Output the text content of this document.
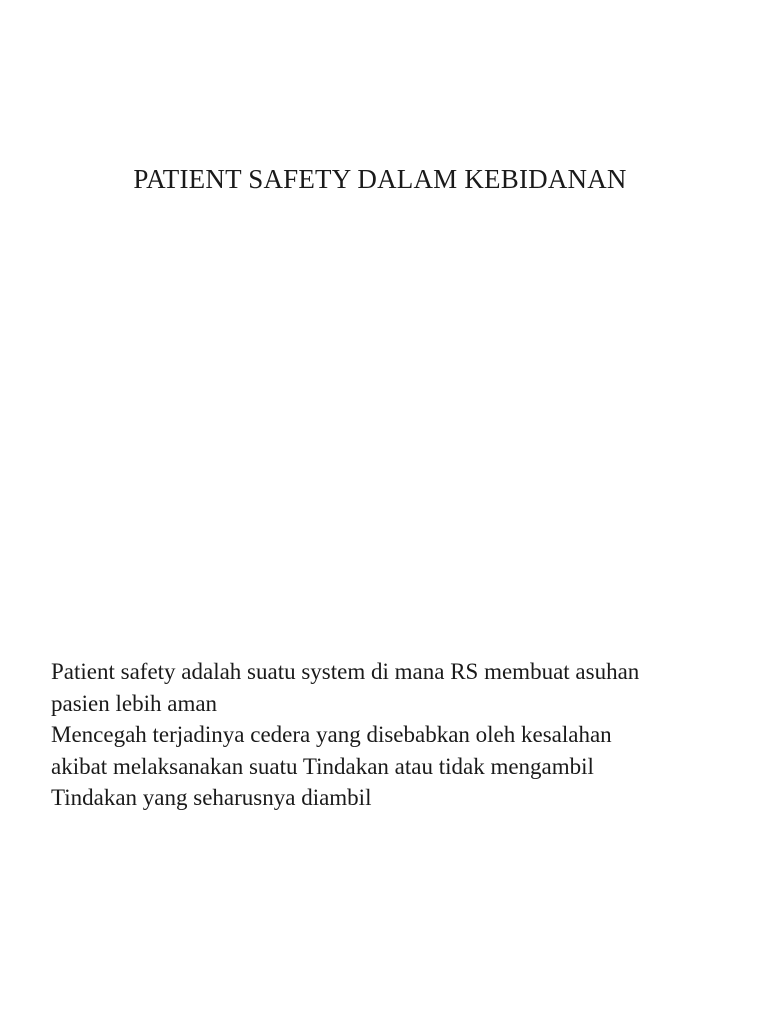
PATIENT SAFETY DALAM KEBIDANAN

Patient safety adalah suatu system di mana RS membuat asuhan

pasien lebih aman

Mencegah terjadinya cedera yang disebabkan oleh kesalahan

akibat melaksanakan suatu Tindakan atau tidak mengambil

Tindakan yang seharusnya diambil
